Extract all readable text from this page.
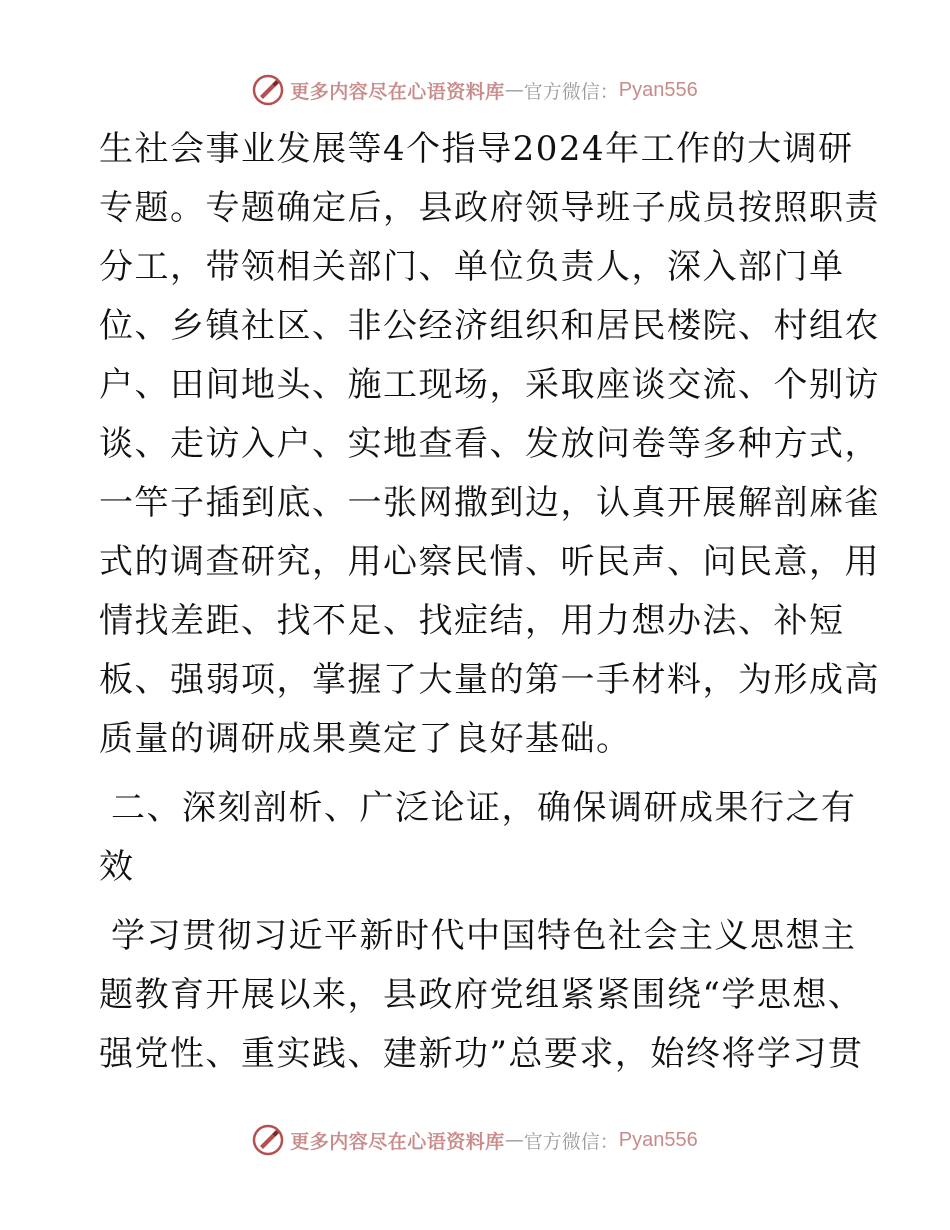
更多内容尽在心语资料库 — 官方微信： Pyan556
生社会事业发展等4个指导2024年工作的大调研
专题。专题确定后，县政府领导班子成员按照职责
分工，带领相关部门、单位负责人，深入部门单
位、乡镇社区、非公经济组织和居民楼院、村组农
户、田间地头、施工现场，采取座谈交流、个别访
谈、走访入户、实地查看、发放问卷等多种方式，
一竿子插到底、一张网撒到边，认真开展解剖麻雀
式的调查研究，用心察民情、听民声、问民意，用
情找差距、找不足、找症结，用力想办法、补短
板、强弱项，掌握了大量的第一手材料，为形成高
质量的调研成果奠定了良好基础。
二、深刻剖析、广泛论证，确保调研成果行之有
效
学习贯彻习近平新时代中国特色社会主义思想主
题教育开展以来，县政府党组紧紧围绕“学思想、
强党性、重实践、建新功”总要求，始终将学习贯
更多内容尽在心语资料库 — 官方微信： Pyan556
